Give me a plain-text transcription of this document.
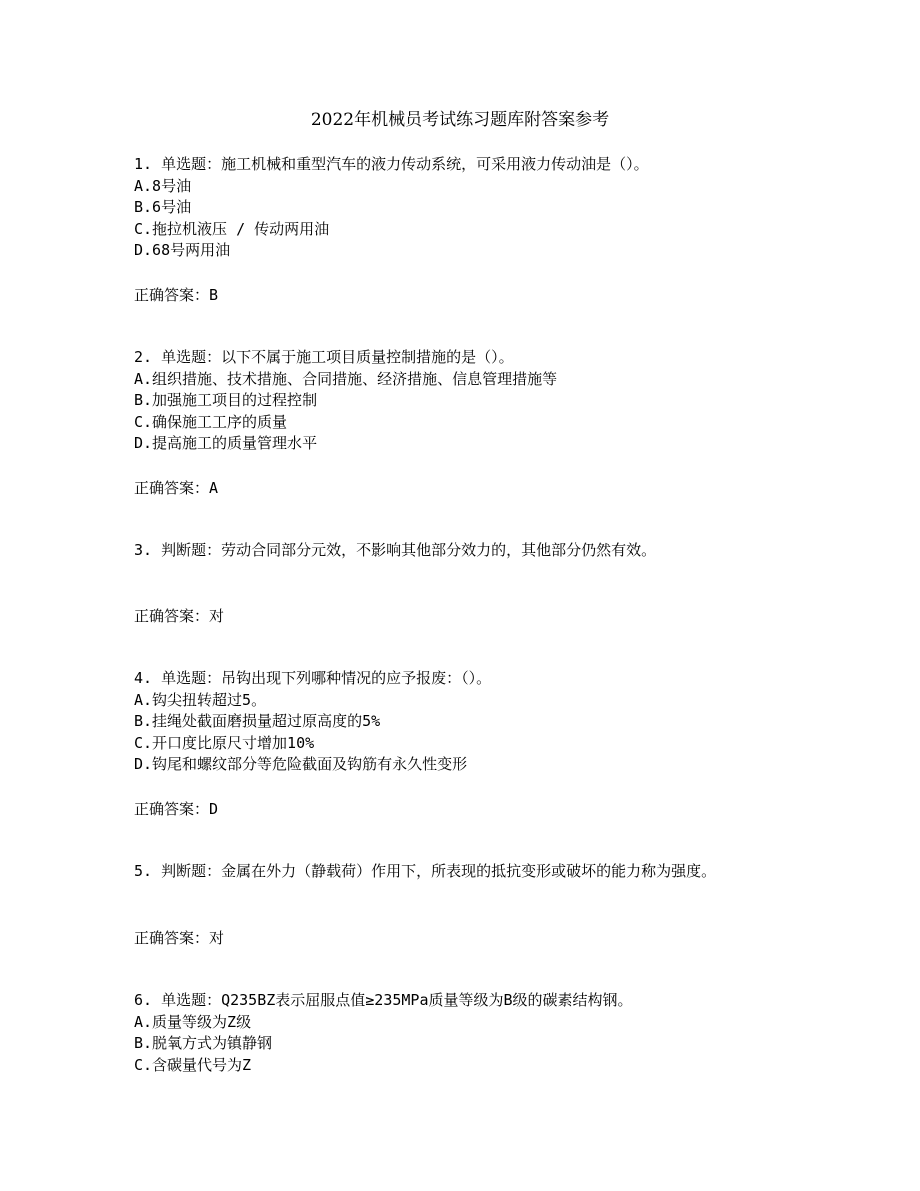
2022年机械员考试练习题库附答案参考
1. 单选题：施工机械和重型汽车的液力传动系统，可采用液力传动油是（）。
A.8号油
B.6号油
C.拖拉机液压 / 传动两用油
D.68号两用油
正确答案：B
2. 单选题：以下不属于施工项目质量控制措施的是（）。
A.组织措施、技术措施、合同措施、经济措施、信息管理措施等
B.加强施工项目的过程控制
C.确保施工工序的质量
D.提高施工的质量管理水平
正确答案：A
3. 判断题：劳动合同部分元效，不影响其他部分效力的，其他部分仍然有效。
正确答案：对
4. 单选题：吊钩出现下列哪种情况的应予报废：（）。
A.钩尖扭转超过5。
B.挂绳处截面磨损量超过原高度的5%
C.开口度比原尺寸增加10%
D.钩尾和螺纹部分等危险截面及钩筋有永久性变形
正确答案：D
5. 判断题：金属在外力（静载荷）作用下，所表现的抵抗变形或破坏的能力称为强度。
正确答案：对
6. 单选题：Q235BZ表示屈服点值≥235MPa质量等级为B级的碳素结构钢。
A.质量等级为Z级
B.脱氧方式为镇静钢
C.含碳量代号为Z
